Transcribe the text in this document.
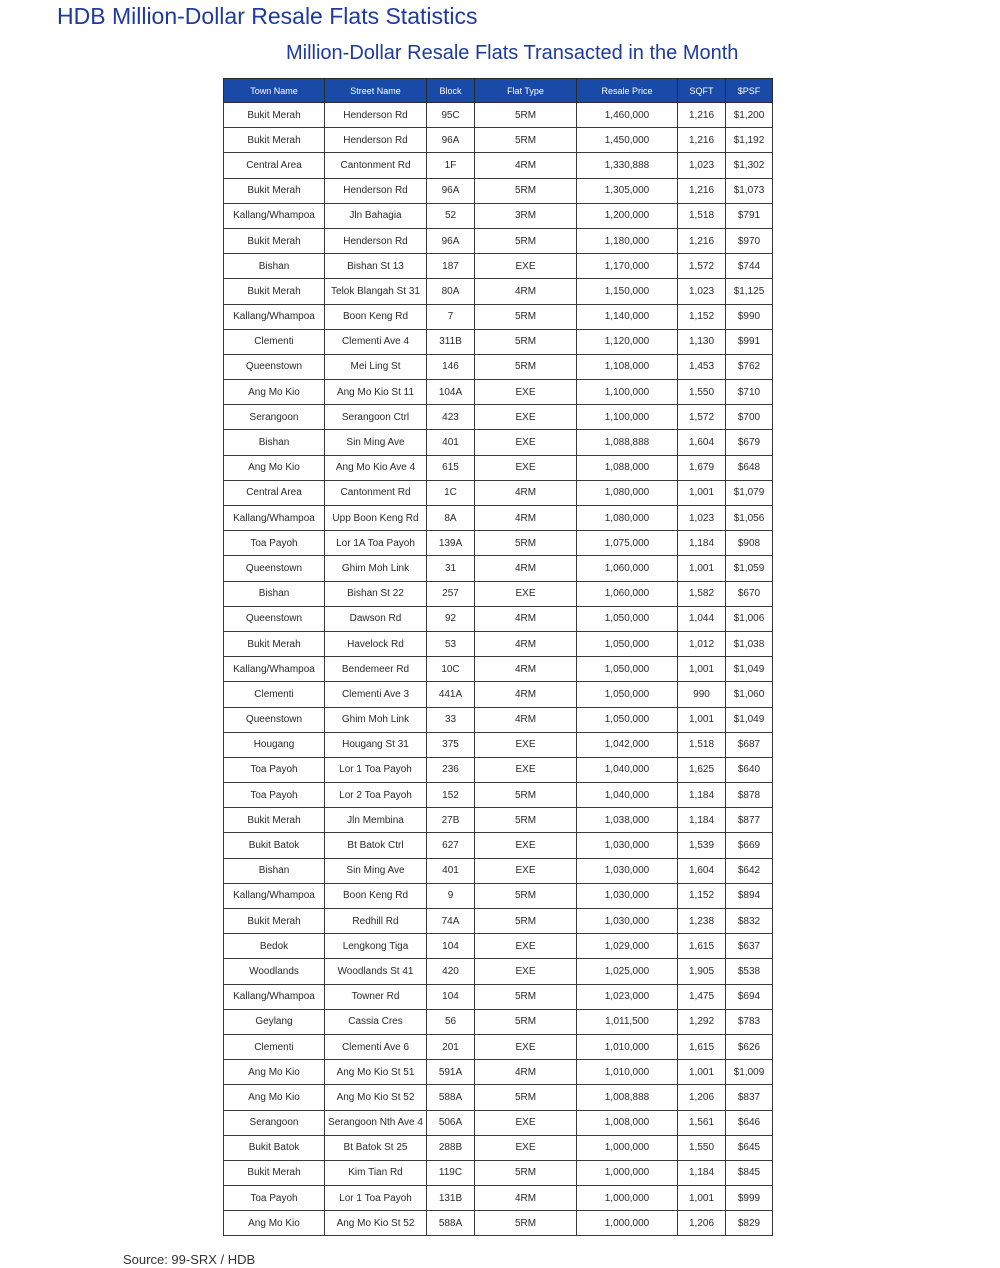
HDB Million-Dollar Resale Flats Statistics
Million-Dollar Resale Flats Transacted in the Month
Town Name	Street Name	Block	Flat Type	Resale Price	SQFT	$PSF
Bukit Merah	Henderson Rd	95C	5RM	1,460,000	1,216	$1,200
Bukit Merah	Henderson Rd	96A	5RM	1,450,000	1,216	$1,192
Central Area	Cantonment Rd	1F	4RM	1,330,888	1,023	$1,302
Bukit Merah	Henderson Rd	96A	5RM	1,305,000	1,216	$1,073
Kallang/Whampoa	Jln Bahagia	52	3RM	1,200,000	1,518	$791
Bukit Merah	Henderson Rd	96A	5RM	1,180,000	1,216	$970
Bishan	Bishan St 13	187	EXE	1,170,000	1,572	$744
Bukit Merah	Telok Blangah St 31	80A	4RM	1,150,000	1,023	$1,125
Kallang/Whampoa	Boon Keng Rd	7	5RM	1,140,000	1,152	$990
Clementi	Clementi Ave 4	311B	5RM	1,120,000	1,130	$991
Queenstown	Mei Ling St	146	5RM	1,108,000	1,453	$762
Ang Mo Kio	Ang Mo Kio St 11	104A	EXE	1,100,000	1,550	$710
Serangoon	Serangoon Ctrl	423	EXE	1,100,000	1,572	$700
Bishan	Sin Ming Ave	401	EXE	1,088,888	1,604	$679
Ang Mo Kio	Ang Mo Kio Ave 4	615	EXE	1,088,000	1,679	$648
Central Area	Cantonment Rd	1C	4RM	1,080,000	1,001	$1,079
Kallang/Whampoa	Upp Boon Keng Rd	8A	4RM	1,080,000	1,023	$1,056
Toa Payoh	Lor 1A Toa Payoh	139A	5RM	1,075,000	1,184	$908
Queenstown	Ghim Moh Link	31	4RM	1,060,000	1,001	$1,059
Bishan	Bishan St 22	257	EXE	1,060,000	1,582	$670
Queenstown	Dawson Rd	92	4RM	1,050,000	1,044	$1,006
Bukit Merah	Havelock Rd	53	4RM	1,050,000	1,012	$1,038
Kallang/Whampoa	Bendemeer Rd	10C	4RM	1,050,000	1,001	$1,049
Clementi	Clementi Ave 3	441A	4RM	1,050,000	990	$1,060
Queenstown	Ghim Moh Link	33	4RM	1,050,000	1,001	$1,049
Hougang	Hougang St 31	375	EXE	1,042,000	1,518	$687
Toa Payoh	Lor 1 Toa Payoh	236	EXE	1,040,000	1,625	$640
Toa Payoh	Lor 2 Toa Payoh	152	5RM	1,040,000	1,184	$878
Bukit Merah	Jln Membina	27B	5RM	1,038,000	1,184	$877
Bukit Batok	Bt Batok Ctrl	627	EXE	1,030,000	1,539	$669
Bishan	Sin Ming Ave	401	EXE	1,030,000	1,604	$642
Kallang/Whampoa	Boon Keng Rd	9	5RM	1,030,000	1,152	$894
Bukit Merah	Redhill Rd	74A	5RM	1,030,000	1,238	$832
Bedok	Lengkong Tiga	104	EXE	1,029,000	1,615	$637
Woodlands	Woodlands St 41	420	EXE	1,025,000	1,905	$538
Kallang/Whampoa	Towner Rd	104	5RM	1,023,000	1,475	$694
Geylang	Cassia Cres	56	5RM	1,011,500	1,292	$783
Clementi	Clementi Ave 6	201	EXE	1,010,000	1,615	$626
Ang Mo Kio	Ang Mo Kio St 51	591A	4RM	1,010,000	1,001	$1,009
Ang Mo Kio	Ang Mo Kio St 52	588A	5RM	1,008,888	1,206	$837
Serangoon	Serangoon Nth Ave 4	506A	EXE	1,008,000	1,561	$646
Bukit Batok	Bt Batok St 25	288B	EXE	1,000,000	1,550	$645
Bukit Merah	Kim Tian Rd	119C	5RM	1,000,000	1,184	$845
Toa Payoh	Lor 1 Toa Payoh	131B	4RM	1,000,000	1,001	$999
Ang Mo Kio	Ang Mo Kio St 52	588A	5RM	1,000,000	1,206	$829

Source: 99-SRX / HDB
